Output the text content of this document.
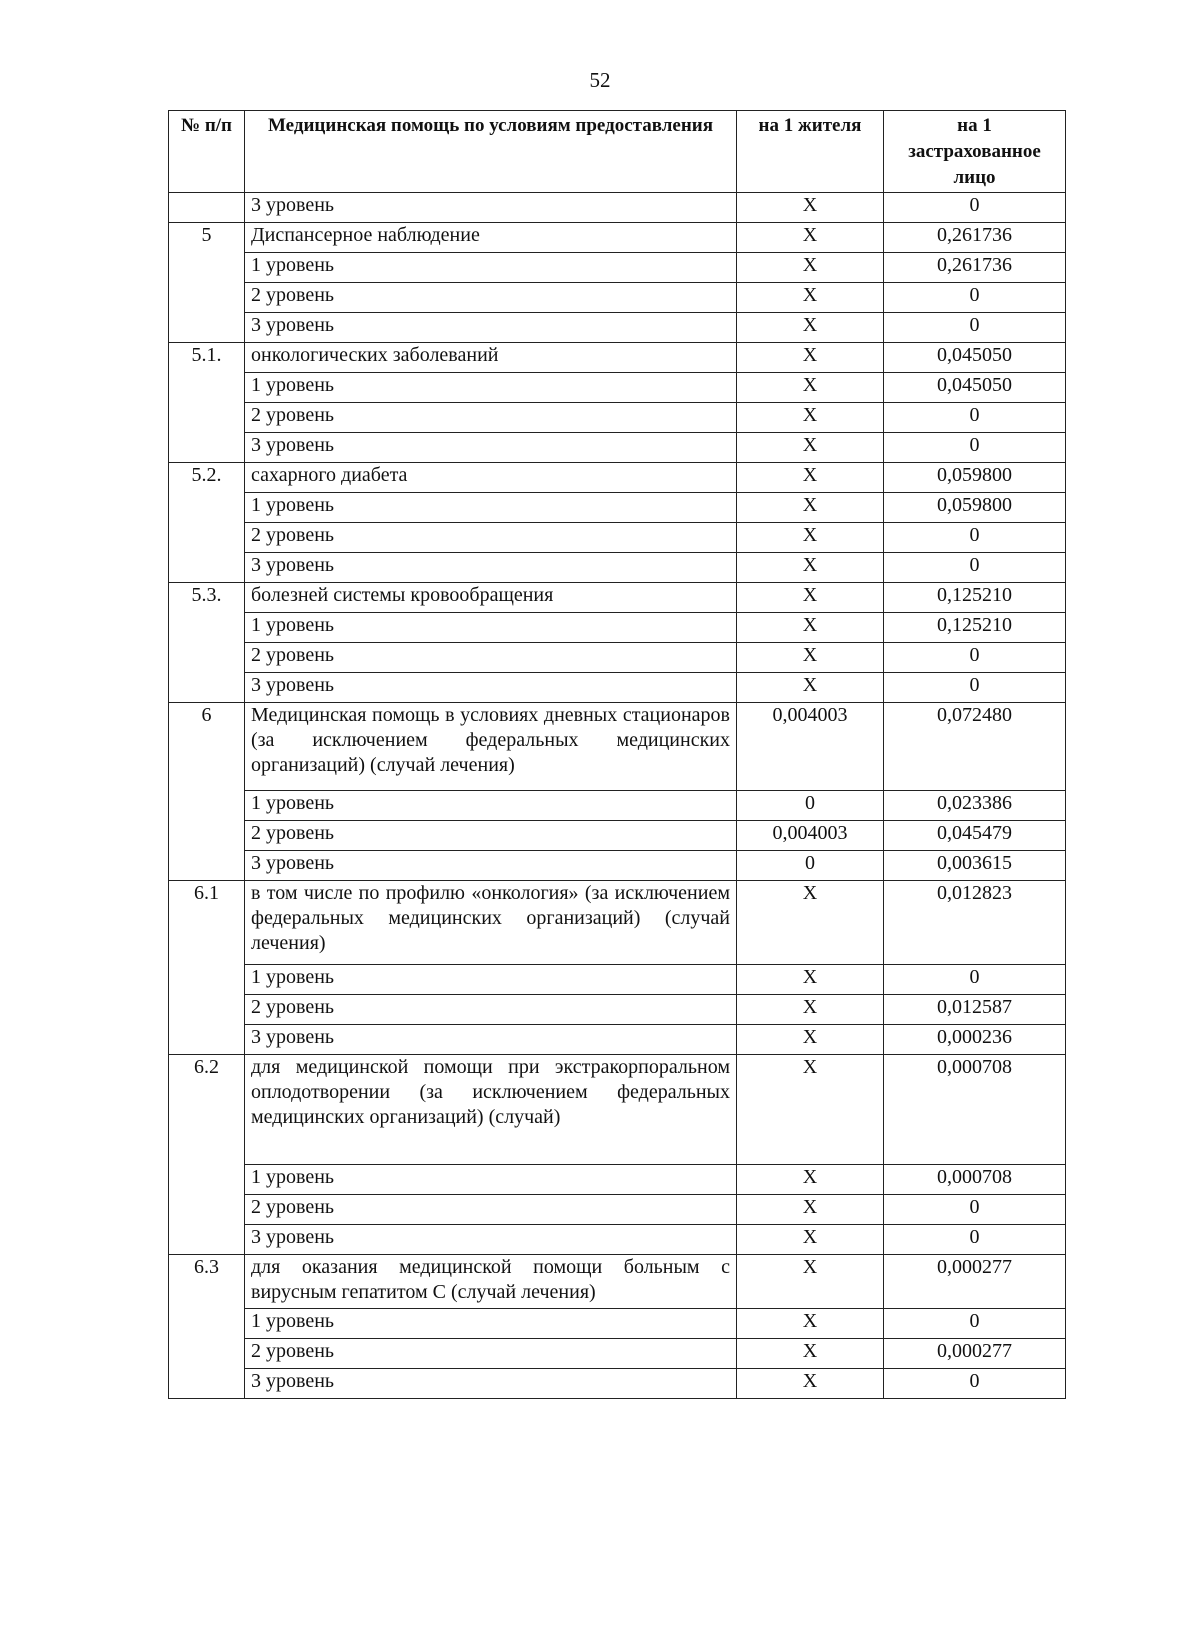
52
№ п/п	Медицинская помощь по условиям предоставления	на 1 жителя	на 1 застрахованное лицо
	3 уровень	X	0
5	Диспансерное наблюдение	X	0,261736
	1 уровень	X	0,261736
	2 уровень	X	0
	3 уровень	X	0
5.1.	онкологических заболеваний	X	0,045050
	1 уровень	X	0,045050
	2 уровень	X	0
	3 уровень	X	0
5.2.	сахарного диабета	X	0,059800
	1 уровень	X	0,059800
	2 уровень	X	0
	3 уровень	X	0
5.3.	болезней системы кровообращения	X	0,125210
	1 уровень	X	0,125210
	2 уровень	X	0
	3 уровень	X	0
6	Медицинская помощь в условиях дневных стационаров (за исключением федеральных медицинских организаций) (случай лечения)	0,004003	0,072480
	1 уровень	0	0,023386
	2 уровень	0,004003	0,045479
	3 уровень	0	0,003615
6.1	в том числе по профилю «онкология» (за исключением федеральных медицинских организаций) (случай лечения)	X	0,012823
	1 уровень	X	0
	2 уровень	X	0,012587
	3 уровень	X	0,000236
6.2	для медицинской помощи при экстракорпоральном оплодотворении (за исключением федеральных медицинских организаций) (случай)	X	0,000708
	1 уровень	X	0,000708
	2 уровень	X	0
	3 уровень	X	0
6.3	для оказания медицинской помощи больным с вирусным гепатитом С (случай лечения)	X	0,000277
	1 уровень	X	0
	2 уровень	X	0,000277
	3 уровень	X	0
